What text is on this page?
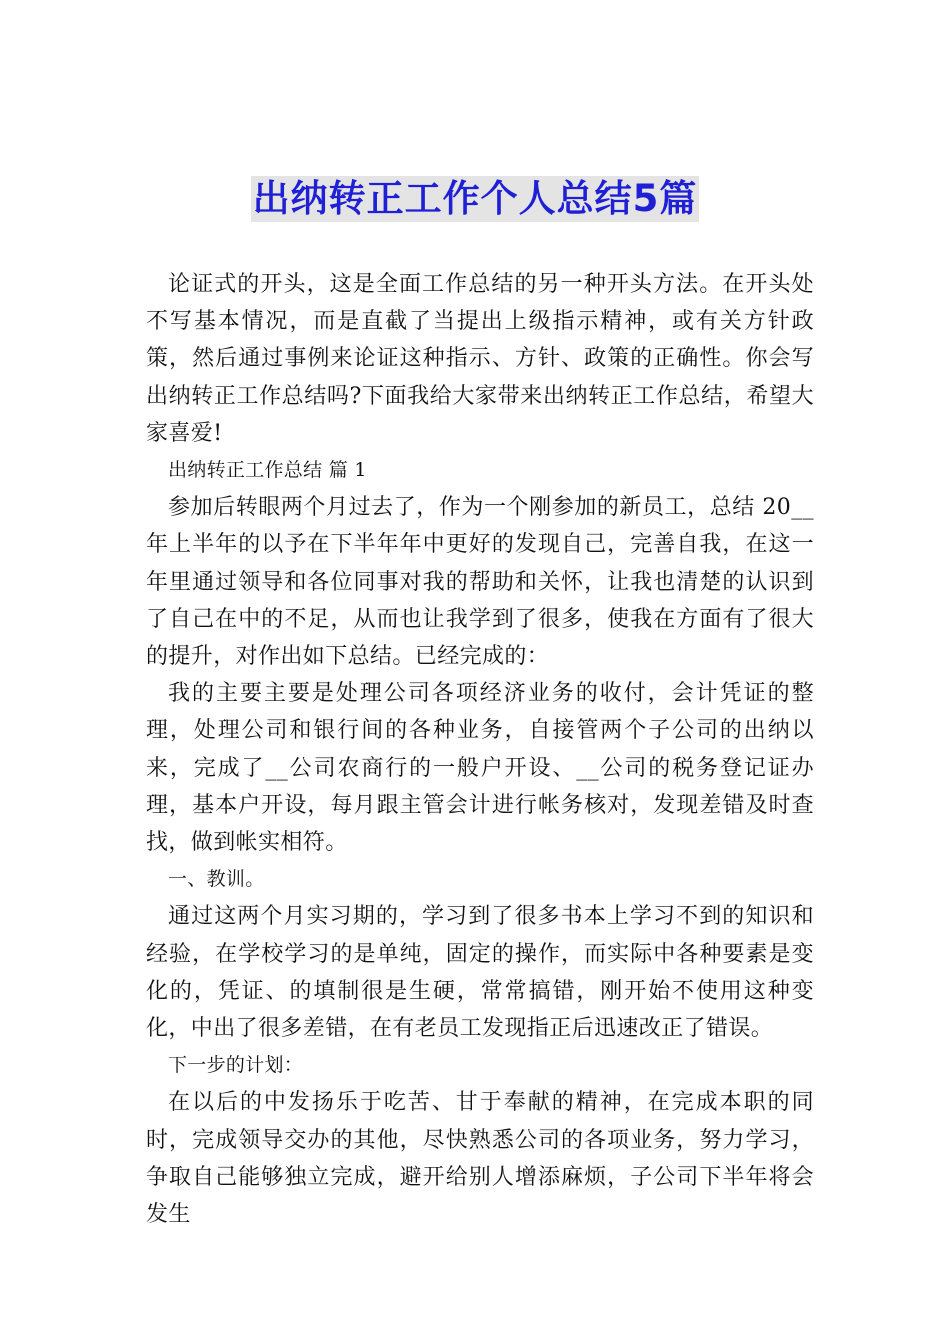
出纳转正工作个人总结5篇

论证式的开头，这是全面工作总结的另一种开头方法。在开头处不写基本情况，而是直截了当提出上级指示精神，或有关方针政策，然后通过事例来论证这种指示、方针、政策的正确性。你会写出纳转正工作总结吗?下面我给大家带来出纳转正工作总结，希望大家喜爱!

出纳转正工作总结 篇 1

参加后转眼两个月过去了，作为一个刚参加的新员工，总结 20__年上半年的以予在下半年年中更好的发现自己，完善自我，在这一年里通过领导和各位同事对我的帮助和关怀，让我也清楚的认识到了自己在中的不足，从而也让我学到了很多，使我在方面有了很大的提升，对作出如下总结。已经完成的：

我的主要主要是处理公司各项经济业务的收付，会计凭证的整理，处理公司和银行间的各种业务，自接管两个子公司的出纳以来，完成了__公司农商行的一般户开设、__公司的税务登记证办理，基本户开设，每月跟主管会计进行帐务核对，发现差错及时查找，做到帐实相符。

一、教训。

通过这两个月实习期的，学习到了很多书本上学习不到的知识和经验，在学校学习的是单纯，固定的操作，而实际中各种要素是变化的，凭证、的填制很是生硬，常常搞错，刚开始不使用这种变化，中出了很多差错，在有老员工发现指正后迅速改正了错误。

下一步的计划：

在以后的中发扬乐于吃苦、甘于奉献的精神，在完成本职的同时，完成领导交办的其他，尽快熟悉公司的各项业务，努力学习，争取自己能够独立完成，避开给别人增添麻烦，子公司下半年将会发生
